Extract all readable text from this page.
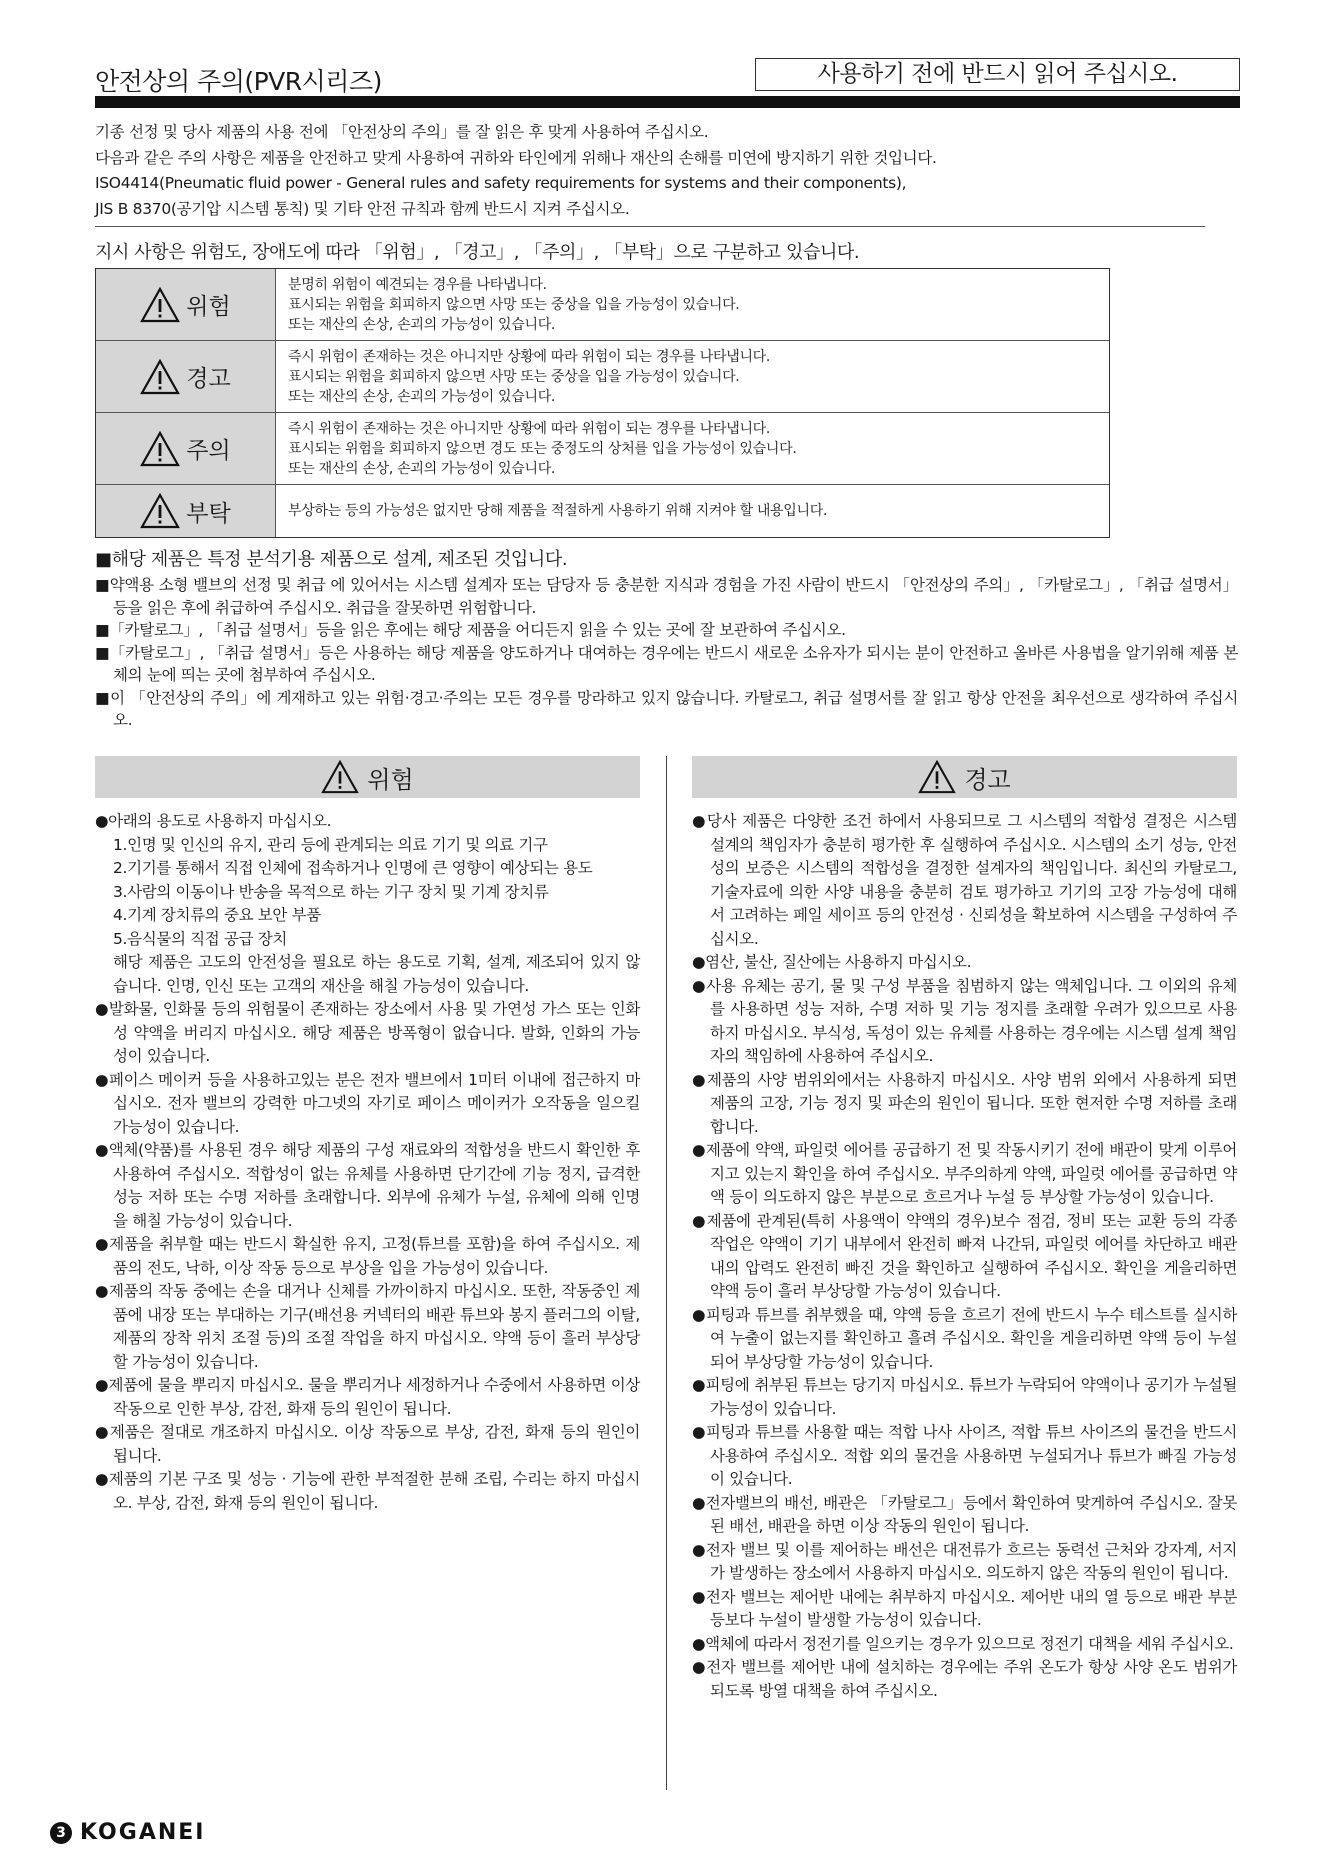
안전상의 주의(PVR시리즈)	사용하기 전에 반드시 읽어 주십시오.
기종 선정 및 당사 제품의 사용 전에 「안전상의 주의」를 잘 읽은 후 맞게 사용하여 주십시오.
다음과 같은 주의 사항은 제품을 안전하고 맞게 사용하여 귀하와 타인에게 위해나 재산의 손해를 미연에 방지하기 위한 것입니다.
ISO4414(Pneumatic fluid power - General rules and safety requirements for systems and their components),
JIS B 8370(공기압 시스템 통칙) 및 기타 안전 규칙과 함께 반드시 지켜 주십시오.
지시 사항은 위험도, 장애도에 따라 「위험」, 「경고」, 「주의」, 「부탁」으로 구분하고 있습니다.
위험
분명히 위험이 예견되는 경우를 나타냅니다.
표시되는 위험을 회피하지 않으면 사망 또는 중상을 입을 가능성이 있습니다.
또는 재산의 손상, 손괴의 가능성이 있습니다.
경고
즉시 위험이 존재하는 것은 아니지만 상황에 따라 위험이 되는 경우를 나타냅니다.
표시되는 위험을 회피하지 않으면 사망 또는 중상을 입을 가능성이 있습니다.
또는 재산의 손상, 손괴의 가능성이 있습니다.
주의
즉시 위험이 존재하는 것은 아니지만 상황에 따라 위험이 되는 경우를 나타냅니다.
표시되는 위험을 회피하지 않으면 경도 또는 중정도의 상처를 입을 가능성이 있습니다.
또는 재산의 손상, 손괴의 가능성이 있습니다.
부탁	부상하는 등의 가능성은 없지만 당해 제품을 적절하게 사용하기 위해 지켜야 할 내용입니다.
■해당 제품은 특정 분석기용 제품으로 설계, 제조된 것입니다.
■약액용 소형 밸브의 선정 및 취급 에 있어서는 시스템 설계자 또는 담당자 등 충분한 지식과 경험을 가진 사람이 반드시 「안전상의 주의」, 「카탈로그」, 「취급 설명서」등을 읽은 후에 취급하여 주십시오. 취급을 잘못하면 위험합니다.
■「카탈로그」, 「취급 설명서」등을 읽은 후에는 해당 제품을 어디든지 읽을 수 있는 곳에 잘 보관하여 주십시오.
■「카탈로그」, 「취급 설명서」등은 사용하는 해당 제품을 양도하거나 대여하는 경우에는 반드시 새로운 소유자가 되시는 분이 안전하고 올바른 사용법을 알기위해 제품 본체의 눈에 띄는 곳에 첨부하여 주십시오.
■이 「안전상의 주의」에 게재하고 있는 위험·경고·주의는 모든 경우를 망라하고 있지 않습니다. 카탈로그, 취급 설명서를 잘 읽고 항상 안전을 최우선으로 생각하여 주십시오.
위험
●아래의 용도로 사용하지 마십시오.
1.인명 및 인신의 유지, 관리 등에 관계되는 의료 기기 및 의료 기구
2.기기를 통해서 직접 인체에 접속하거나 인명에 큰 영향이 예상되는 용도
3.사람의 이동이나 반송을 목적으로 하는 기구 장치 및 기계 장치류
4.기계 장치류의 중요 보안 부품
5.음식물의 직접 공급 장치
해당 제품은 고도의 안전성을 필요로 하는 용도로 기획, 설계, 제조되어 있지 않습니다. 인명, 인신 또는 고객의 재산을 해칠 가능성이 있습니다.
●발화물, 인화물 등의 위험물이 존재하는 장소에서 사용 및 가연성 가스 또는 인화성 약액을 버리지 마십시오. 해당 제품은 방폭형이 없습니다. 발화, 인화의 가능성이 있습니다.
●페이스 메이커 등을 사용하고있는 분은 전자 밸브에서 1미터 이내에 접근하지 마십시오. 전자 밸브의 강력한 마그넷의 자기로 페이스 메이커가 오작동을 일으킬 가능성이 있습니다.
●액체(약품)를 사용된 경우 해당 제품의 구성 재료와의 적합성을 반드시 확인한 후 사용하여 주십시오. 적합성이 없는 유체를 사용하면 단기간에 기능 정지, 급격한 성능 저하 또는 수명 저하를 초래합니다. 외부에 유체가 누설, 유체에 의해 인명을 해칠 가능성이 있습니다.
●제품을 취부할 때는 반드시 확실한 유지, 고정(튜브를 포함)을 하여 주십시오. 제품의 전도, 낙하, 이상 작동 등으로 부상을 입을 가능성이 있습니다.
●제품의 작동 중에는 손을 대거나 신체를 가까이하지 마십시오. 또한, 작동중인 제품에 내장 또는 부대하는 기구(배선용 커넥터의 배관 튜브와 봉지 플러그의 이탈, 제품의 장착 위치 조절 등)의 조절 작업을 하지 마십시오. 약액 등이 흘러 부상당할 가능성이 있습니다.
●제품에 물을 뿌리지 마십시오. 물을 뿌리거나 세정하거나 수중에서 사용하면 이상 작동으로 인한 부상, 감전, 화재 등의 원인이 됩니다.
●제품은 절대로 개조하지 마십시오. 이상 작동으로 부상, 감전, 화재 등의 원인이 됩니다.
●제품의 기본 구조 및 성능 · 기능에 관한 부적절한 분해 조립, 수리는 하지 마십시오. 부상, 감전, 화재 등의 원인이 됩니다.
경고
●당사 제품은 다양한 조건 하에서 사용되므로 그 시스템의 적합성 결정은 시스템 설계의 책임자가 충분히 평가한 후 실행하여 주십시오. 시스템의 소기 성능, 안전성의 보증은 시스템의 적합성을 결정한 설계자의 책임입니다. 최신의 카탈로그, 기술자료에 의한 사양 내용을 충분히 검토 평가하고 기기의 고장 가능성에 대해서 고려하는 페일 세이프 등의 안전성 · 신뢰성을 확보하여 시스템을 구성하여 주십시오.
●염산, 불산, 질산에는 사용하지 마십시오.
●사용 유체는 공기, 물 및 구성 부품을 침범하지 않는 액체입니다. 그 이외의 유체를 사용하면 성능 저하, 수명 저하 및 기능 정지를 초래할 우려가 있으므로 사용하지 마십시오. 부식성, 독성이 있는 유체를 사용하는 경우에는 시스템 설계 책임자의 책임하에 사용하여 주십시오.
●제품의 사양 범위외에서는 사용하지 마십시오. 사양 범위 외에서 사용하게 되면 제품의 고장, 기능 정지 및 파손의 원인이 됩니다. 또한 현저한 수명 저하를 초래합니다.
●제품에 약액, 파일럿 에어를 공급하기 전 및 작동시키기 전에 배관이 맞게 이루어지고 있는지 확인을 하여 주십시오. 부주의하게 약액, 파일럿 에어를 공급하면 약액 등이 의도하지 않은 부분으로 흐르거나 누설 등 부상할 가능성이 있습니다.
●제품에 관계된(특히 사용액이 약액의 경우)보수 점검, 정비 또는 교환 등의 각종 작업은 약액이 기기 내부에서 완전히 빠져 나간뒤, 파일럿 에어를 차단하고 배관 내의 압력도 완전히 빠진 것을 확인하고 실행하여 주십시오. 확인을 게을리하면 약액 등이 흘러 부상당할 가능성이 있습니다.
●피팅과 튜브를 취부했을 때, 약액 등을 흐르기 전에 반드시 누수 테스트를 실시하여 누출이 없는지를 확인하고 흘려 주십시오. 확인을 게을리하면 약액 등이 누설되어 부상당할 가능성이 있습니다.
●피팅에 취부된 튜브는 당기지 마십시오. 튜브가 누락되어 약액이나 공기가 누설될 가능성이 있습니다.
●피팅과 튜브를 사용할 때는 적합 나사 사이즈, 적합 튜브 사이즈의 물건을 반드시 사용하여 주십시오. 적합 외의 물건을 사용하면 누설되거나 튜브가 빠질 가능성이 있습니다.
●전자밸브의 배선, 배관은 「카탈로그」등에서 확인하여 맞게하여 주십시오. 잘못된 배선, 배관을 하면 이상 작동의 원인이 됩니다.
●전자 밸브 및 이를 제어하는 배선은 대전류가 흐르는 동력선 근처와 강자계, 서지가 발생하는 장소에서 사용하지 마십시오. 의도하지 않은 작동의 원인이 됩니다.
●전자 밸브는 제어반 내에는 취부하지 마십시오. 제어반 내의 열 등으로 배관 부분 등보다 누설이 발생할 가능성이 있습니다.
●액체에 따라서 정전기를 일으키는 경우가 있으므로 정전기 대책을 세워 주십시오.
●전자 밸브를 제어반 내에 설치하는 경우에는 주위 온도가 항상 사양 온도 범위가 되도록 방열 대책을 하여 주십시오.
3 KOGANEI
